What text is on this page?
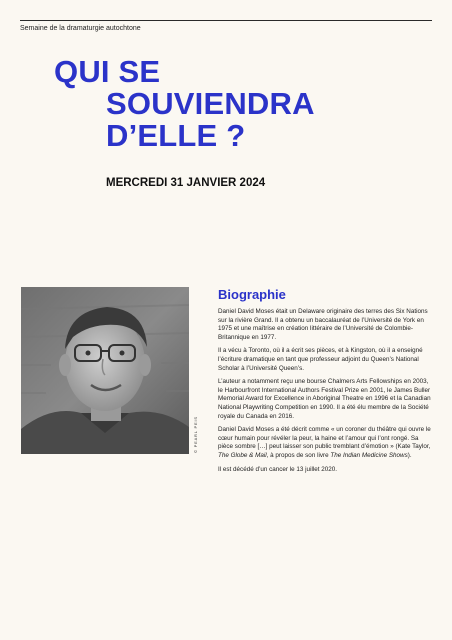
Semaine de la dramaturgie autochtone
QUI SE
SOUVIENDRA
D’ELLE ?
MERCREDI 31 JANVIER 2024
© PEARL PEIS
Biographie

Daniel David Moses était un Delaware originaire des terres des Six Nations sur la rivière Grand. Il a obtenu un baccalauréat de l’Université de York en 1975 et une maîtrise en création littéraire de l’Université de Colombie-Britannique en 1977.

Il a vécu à Toronto, où il a écrit ses pièces, et à Kingston, où il a enseigné l’écriture dramatique en tant que professeur adjoint du Queen’s National Scholar à l’Université Queen’s.

L’auteur a notamment reçu une bourse Chalmers Arts Fellowships en 2003, le Harbourfront International Authors Festival Prize en 2001, le James Buller Memorial Award for Excellence in Aboriginal Theatre en 1996 et la Canadian National Playwriting Competition en 1990. Il a été élu membre de la Société royale du Canada en 2016.

Daniel David Moses a été décrit comme « un coroner du théâtre qui ouvre le cœur humain pour révéler la peur, la haine et l’amour qui l’ont rongé. Sa pièce sombre […] peut laisser son public tremblant d’émotion » (Kate Taylor, The Globe & Mail, à propos de son livre The Indian Medicine Shows).

Il est décédé d’un cancer le 13 juillet 2020.
